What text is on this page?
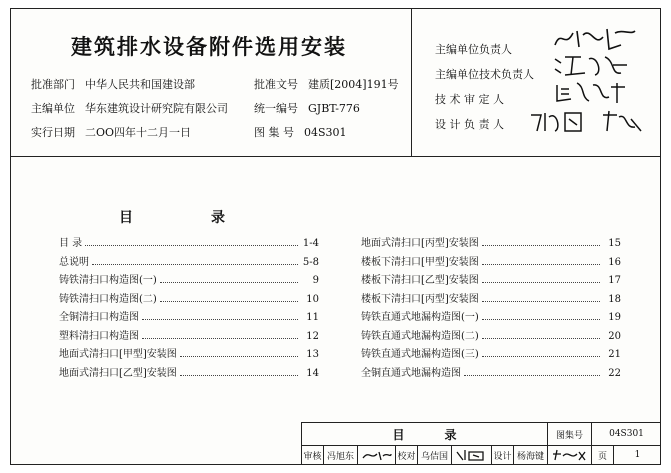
建筑排水设备附件选用安装
批准部门 中华人民共和国建设部	批准文号 建质[2004]191号
主编单位 华东建筑设计研究院有限公司 统一编号 GJBT-776
实行日期 二ОО四年十二月一日	图 集 号 04S301
主编单位负责人
主编单位技术负责人
技 术 审 定 人
设 计 负 责 人
目	录
目 录	1-4
总说明	5-8
铸铁清扫口构造图(一)	9
铸铁清扫口构造图(二)	10
全铜清扫口构造图	11
塑料清扫口构造图	12
地面式清扫口[甲型]安装图	13
地面式清扫口[乙型]安装图	14
地面式清扫口[丙型]安装图	15
楼板下清扫口[甲型]安装图	16
楼板下清扫口[乙型]安装图	17
楼板下清扫口[丙型]安装图	18
铸铁直通式地漏构造图(一)	19
铸铁直通式地漏构造图(二)	20
铸铁直通式地漏构造图(三)	21
全铜直通式地漏构造图	22
目	录	图集号	04S301
审核 冯旭东	校对 乌佶国	设计 杨海键	页	1
